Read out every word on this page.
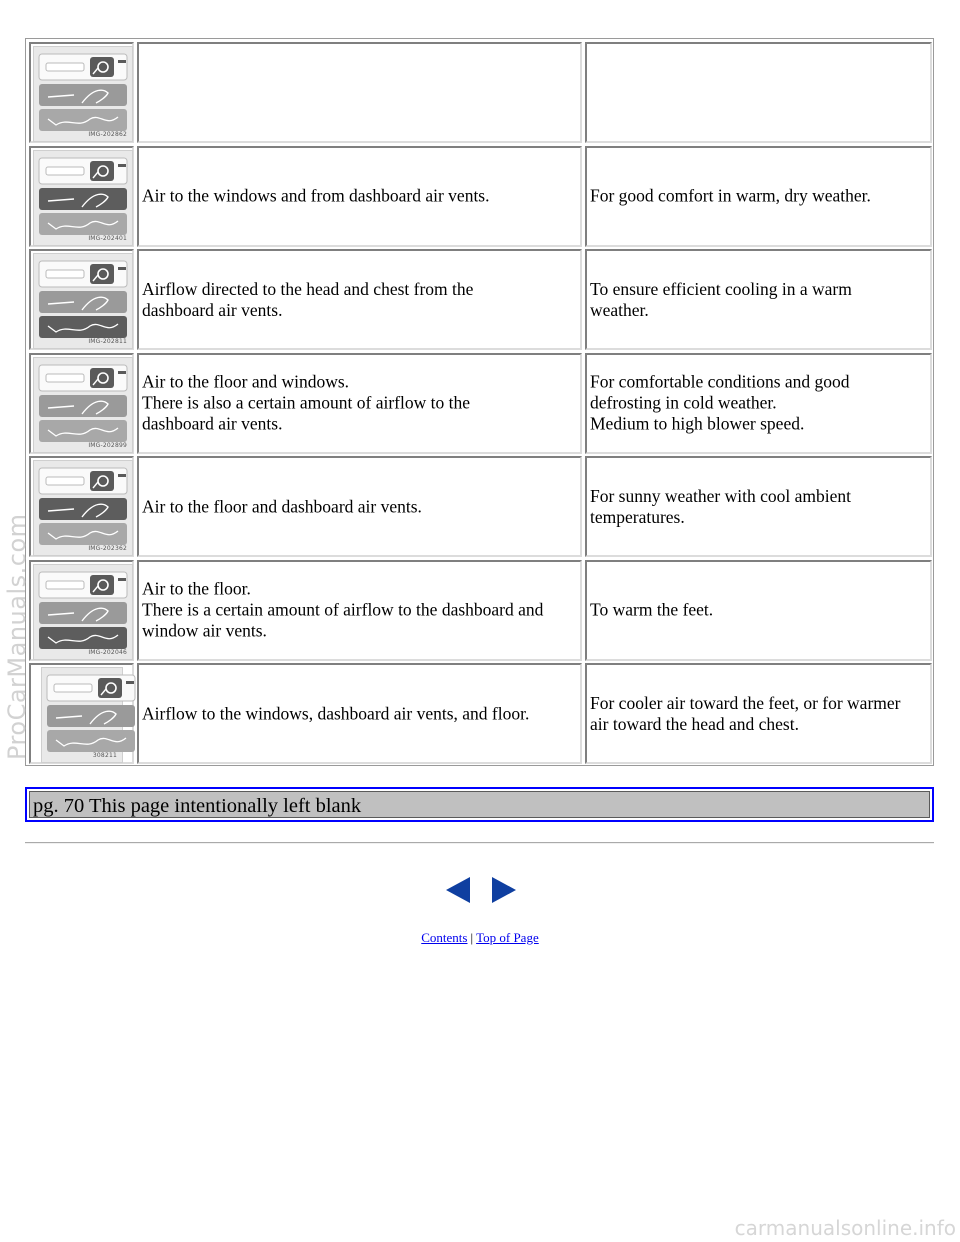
IMG-202862
IMG-202401
Air to the windows and from dashboard air vents.	For good comfort in warm, dry weather.
IMG-202811
Airflow directed to the head and chest from the
dashboard air vents.
To ensure efficient cooling in a warm
weather.
IMG-202899
Air to the floor and windows.
There is also a certain amount of airflow to the
dashboard air vents.
For comfortable conditions and good
defrosting in cold weather.
Medium to high blower speed.
IMG-202362
Air to the floor and dashboard air vents.
For sunny weather with cool ambient
temperatures.
IMG-202046
Air to the floor.
There is a certain amount of airflow to the dashboard and
window air vents.
To warm the feet.
308211
Airflow to the windows, dashboard air vents, and floor.
For cooler air toward the feet, or for warmer
air toward the head and chest.
pg. 70 This page intentionally left blank
Contents | Top of Page
ProCarManuals.com
carmanualsonline.info
